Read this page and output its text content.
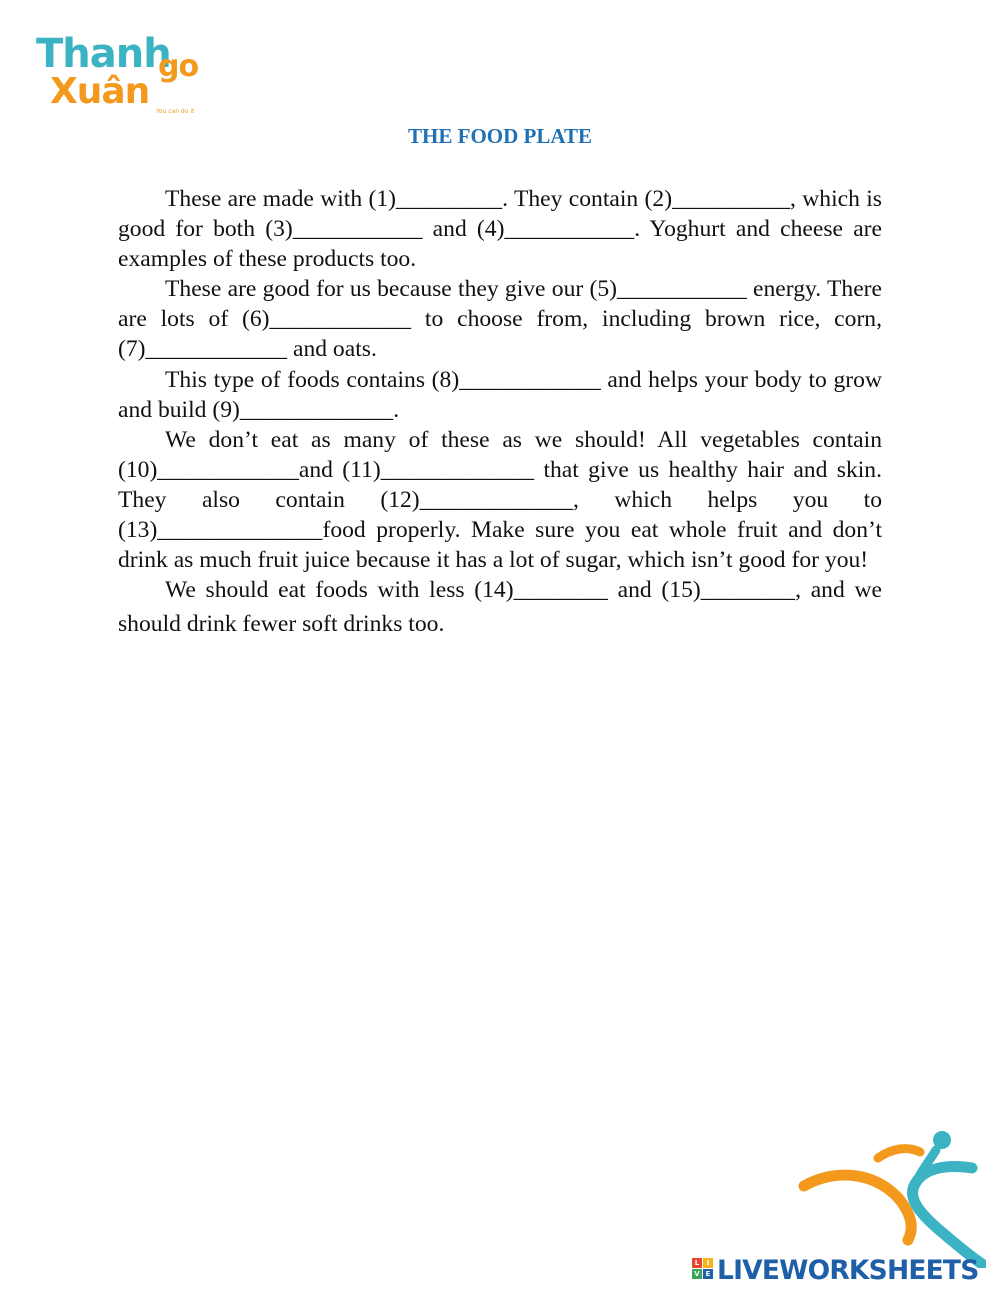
Thanh
Xuân
go
You can do it
THE FOOD PLATE

These are made with (1)_________. They contain (2)__________, which is good for both (3)___________ and (4)___________. Yoghurt and cheese are examples of these products too.

These are good for us because they give our (5)___________ energy. There are lots of (6)____________ to choose from, including brown rice, corn, (7)____________ and oats.

This type of foods contains (8)____________ and helps your body to grow and build (9)_____________.

We don’t eat as many of these as we should! All vegetables contain (10)____________and (11)_____________ that give us healthy hair and skin. They also contain (12)_____________, which helps you to (13)______________food properly. Make sure you eat whole fruit and don’t drink as much fruit juice because it has a lot of sugar, which isn’t good for you!

We should eat foods with less (14)________ and (15)________, and we should drink fewer soft drinks too.

L	I
V E LIVEWORKSHEETS
